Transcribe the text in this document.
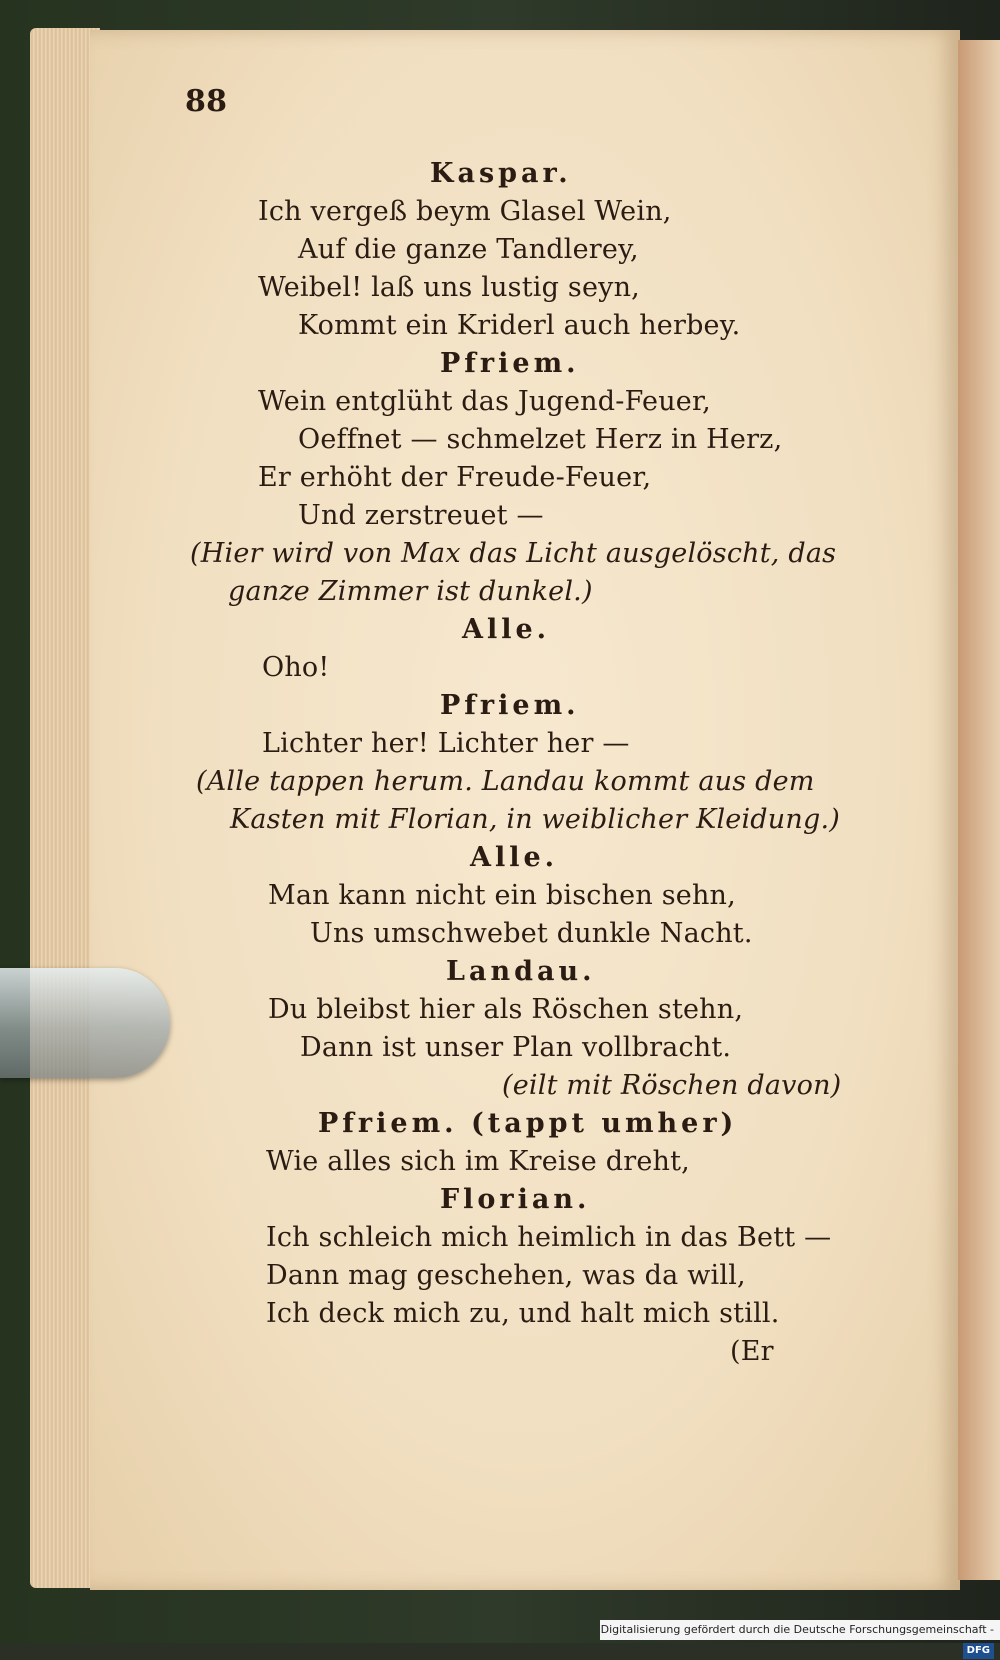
88
Kaspar.
Ich vergeß beym Glasel Wein,
Auf die ganze Tandlerey,
Weibel! laß uns lustig seyn,
Kommt ein Kriderl auch herbey.
Pfriem.
Wein entglüht das Jugend-Feuer,
Oeffnet — schmelzet Herz in Herz,
Er erhöht der Freude-Feuer,
Und zerstreuet —
(Hier wird von Max das Licht ausgelöscht, das
ganze Zimmer ist dunkel.)
Alle.
Oho!
Pfriem.
Lichter her! Lichter her —
(Alle tappen herum. Landau kommt aus dem
Kasten mit Florian, in weiblicher Kleidung.)
Alle.
Man kann nicht ein bischen sehn,
Uns umschwebet dunkle Nacht.
Landau.
Du bleibst hier als Röschen stehn,
Dann ist unser Plan vollbracht.
(eilt mit Röschen davon)
Pfriem. (tappt umher)
Wie alles sich im Kreise dreht,
Florian.
Ich schleich mich heimlich in das Bett —
Dann mag geschehen, was da will,
Ich deck mich zu, und halt mich still.
(Er
Digitalisierung gefördert durch die Deutsche Forschungsgemeinschaft -DFG
